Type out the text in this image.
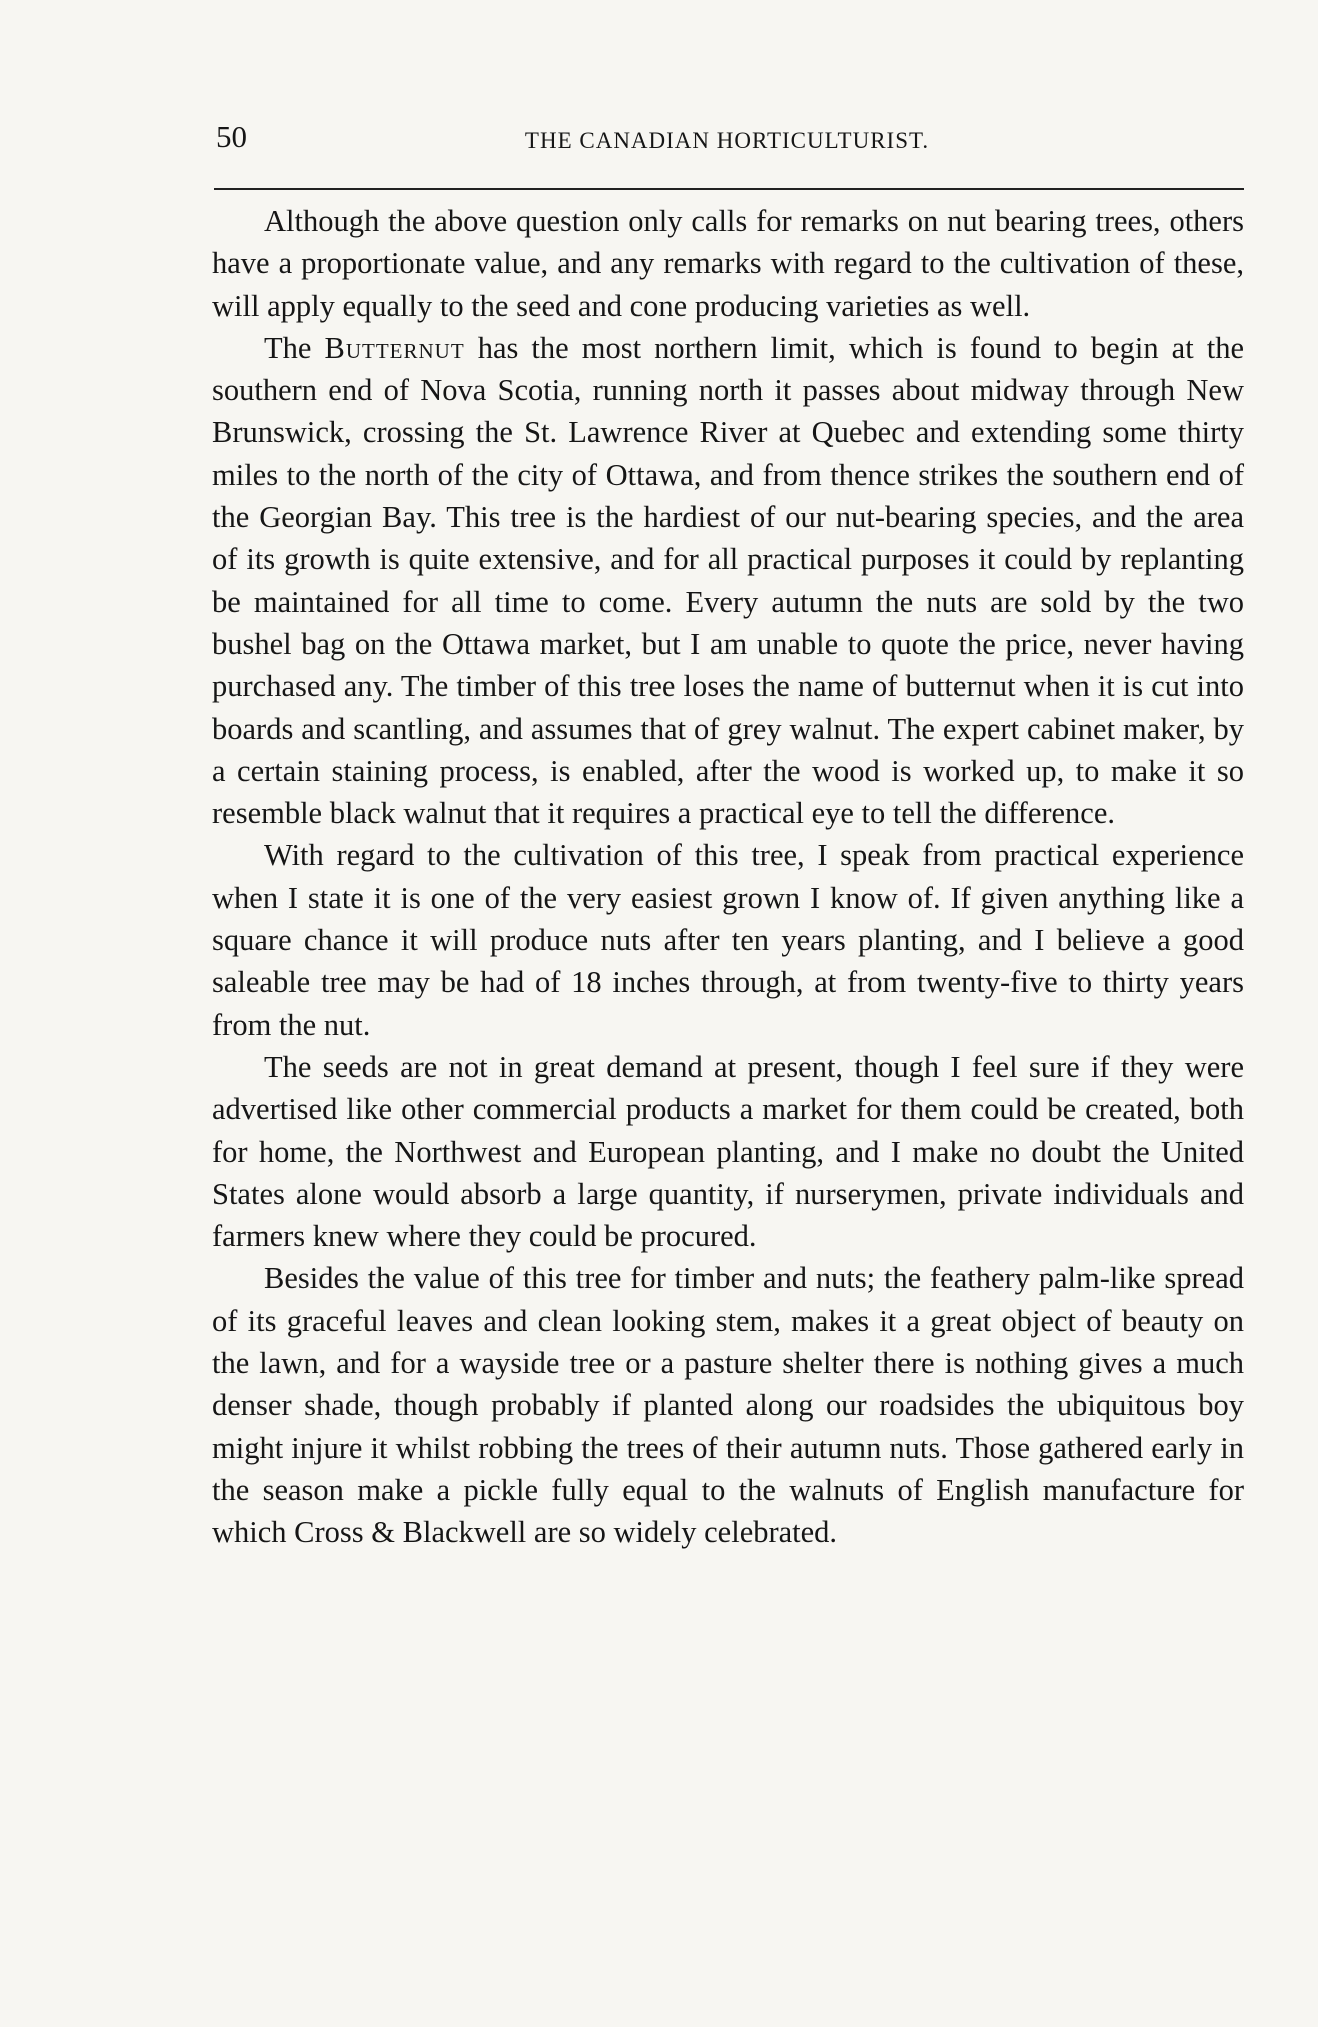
50	THE CANADIAN HORTICULTURIST.

Although the above question only calls for remarks on nut bearing trees, others have a proportionate value, and any remarks with regard to the cultivation of these, will apply equally to the seed and cone producing varieties as well.

The Butternut has the most northern limit, which is found to begin at the southern end of Nova Scotia, running north it passes about midway through New Brunswick, crossing the St. Lawrence River at Quebec and extending some thirty miles to the north of the city of Ottawa, and from thence strikes the southern end of the Georgian Bay. This tree is the hardiest of our nut-bearing species, and the area of its growth is quite extensive, and for all practical purposes it could by replanting be maintained for all time to come. Every autumn the nuts are sold by the two bushel bag on the Ottawa market, but I am unable to quote the price, never having purchased any. The timber of this tree loses the name of butternut when it is cut into boards and scantling, and assumes that of grey walnut. The expert cabinet maker, by a certain staining process, is enabled, after the wood is worked up, to make it so resemble black walnut that it requires a practical eye to tell the difference.

With regard to the cultivation of this tree, I speak from practical experience when I state it is one of the very easiest grown I know of. If given anything like a square chance it will produce nuts after ten years planting, and I believe a good saleable tree may be had of 18 inches through, at from twenty-five to thirty years from the nut.

The seeds are not in great demand at present, though I feel sure if they were advertised like other commercial products a market for them could be created, both for home, the Northwest and European planting, and I make no doubt the United States alone would absorb a large quantity, if nurserymen, private individuals and farmers knew where they could be procured.

Besides the value of this tree for timber and nuts; the feathery palm-like spread of its graceful leaves and clean looking stem, makes it a great object of beauty on the lawn, and for a wayside tree or a pasture shelter there is nothing gives a much denser shade, though probably if planted along our roadsides the ubiquitous boy might injure it whilst robbing the trees of their autumn nuts. Those gathered early in the season make a pickle fully equal to the walnuts of English manufacture for which Cross & Blackwell are so widely celebrated.
